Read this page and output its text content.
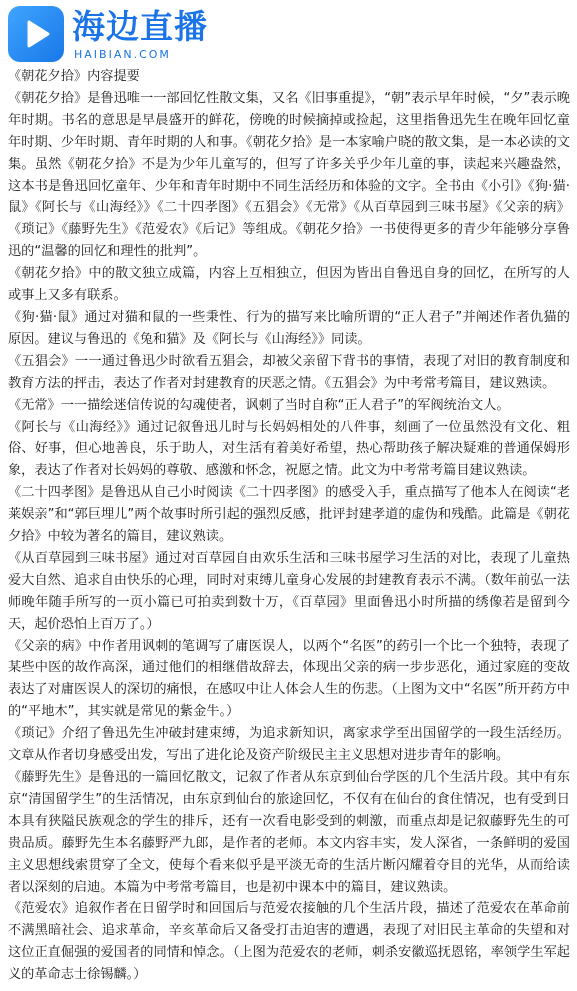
海边直播
HAIBIAN.COM

《朝花夕拾》内容提要

《朝花夕拾》是鲁迅唯一一部回忆性散文集，又名《旧事重提》，“朝”表示早年时候，“夕”表示晚年时期。书名的意思是早晨盛开的鲜花，傍晚的时候摘掉或捡起，这里指鲁迅先生在晚年回忆童年时期、少年时期、青年时期的人和事。《朝花夕拾》是一本家喻户晓的散文集，是一本必读的文集。虽然《朝花夕拾》不是为少年儿童写的，但写了许多关乎少年儿童的事，读起来兴趣盎然，这本书是鲁迅回忆童年、少年和青年时期中不同生活经历和体验的文字。全书由《小引》《狗·猫·鼠》《阿长与《山海经》》《二十四孝图》《五猖会》《无常》《从百草园到三味书屋》《父亲的病》《琐记》《藤野先生》《范爱农》《后记》等组成。《朝花夕拾》一书使得更多的青少年能够分享鲁迅的“温馨的回忆和理性的批判”。

《朝花夕拾》中的散文独立成篇，内容上互相独立，但因为皆出自鲁迅自身的回忆，在所写的人或事上又多有联系。

《狗·猫·鼠》通过对猫和鼠的一些秉性、行为的描写来比喻所谓的“正人君子”并阐述作者仇猫的原因。建议与鲁迅的《兔和猫》及《阿长与《山海经》》同读。

《五猖会》一一通过鲁迅少时欲看五猖会，却被父亲留下背书的事情，表现了对旧的教育制度和教育方法的抨击，表达了作者对封建教育的厌恶之情。《五猖会》为中考常考篇目，建议熟读。

《无常》一一描绘迷信传说的勾魂使者，讽刺了当时自称“正人君子”的军阀统治文人。

《阿长与《山海经》》通过记叙鲁迅儿时与长妈妈相处的八件事，刻画了一位虽然没有文化、粗俗、好事，但心地善良，乐于助人，对生活有着美好希望，热心帮助孩子解决疑难的普通保姆形象，表达了作者对长妈妈的尊敬、感激和怀念，祝愿之情。此文为中考常考篇目建议熟读。

《二十四孝图》是鲁迅从自己小时阅读《二十四孝图》的感受入手，重点描写了他本人在阅读“老莱娱亲”和“郭巨埋儿”两个故事时所引起的强烈反感，批评封建孝道的虚伪和残酷。此篇是《朝花夕拾》中较为著名的篇目，建议熟读。

《从百草园到三味书屋》通过对百草园自由欢乐生活和三味书屋学习生活的对比，表现了儿童热爱大自然、追求自由快乐的心理，同时对束缚儿童身心发展的封建教育表示不满。（数年前弘一法师晚年随手所写的一页小篇已可拍卖到数十万，《百草园》里面鲁迅小时所描的绣像若是留到今天，起价恐怕上百万了。）

《父亲的病》中作者用讽刺的笔调写了庸医误人，以两个“名医”的药引一个比一个独特，表现了某些中医的故作高深，通过他们的相继借故辞去，体现出父亲的病一步步恶化，通过家庭的变故表达了对庸医误人的深切的痛恨，在感叹中让人体会人生的伤悲。（上图为文中“名医”所开药方中的“平地木”，其实就是常见的紫金牛。）

《琐记》介绍了鲁迅先生冲破封建束缚，为追求新知识，离家求学至出国留学的一段生活经历。文章从作者切身感受出发，写出了进化论及资产阶级民主主义思想对进步青年的影响。

《藤野先生》是鲁迅的一篇回忆散文，记叙了作者从东京到仙台学医的几个生活片段。其中有东京“清国留学生”的生活情况，由东京到仙台的旅途回忆，不仅有在仙台的食住情况，也有受到日本具有狭隘民族观念的学生的排斥，还有一次看电影受到的刺激，而重点却是记叙藤野先生的可贵品质。藤野先生本名藤野严九郎，是作者的老师。本文内容丰实，发人深省，一条鲜明的爱国主义思想线索贯穿了全文，使每个看来似乎是平淡无奇的生活片断闪耀着夺目的光华，从而给读者以深刻的启迪。本篇为中考常考篇目，也是初中课本中的篇目，建议熟读。

《范爱农》追叙作者在日留学时和回国后与范爱农接触的几个生活片段，描述了范爱农在革命前不满黑暗社会、追求革命，辛亥革命后又备受打击迫害的遭遇，表现了对旧民主革命的失望和对这位正直倔强的爱国者的同情和悼念。（上图为范爱农的老师，刺杀安徽巡抚恩铭，率领学生军起义的革命志士徐锡麟。）
